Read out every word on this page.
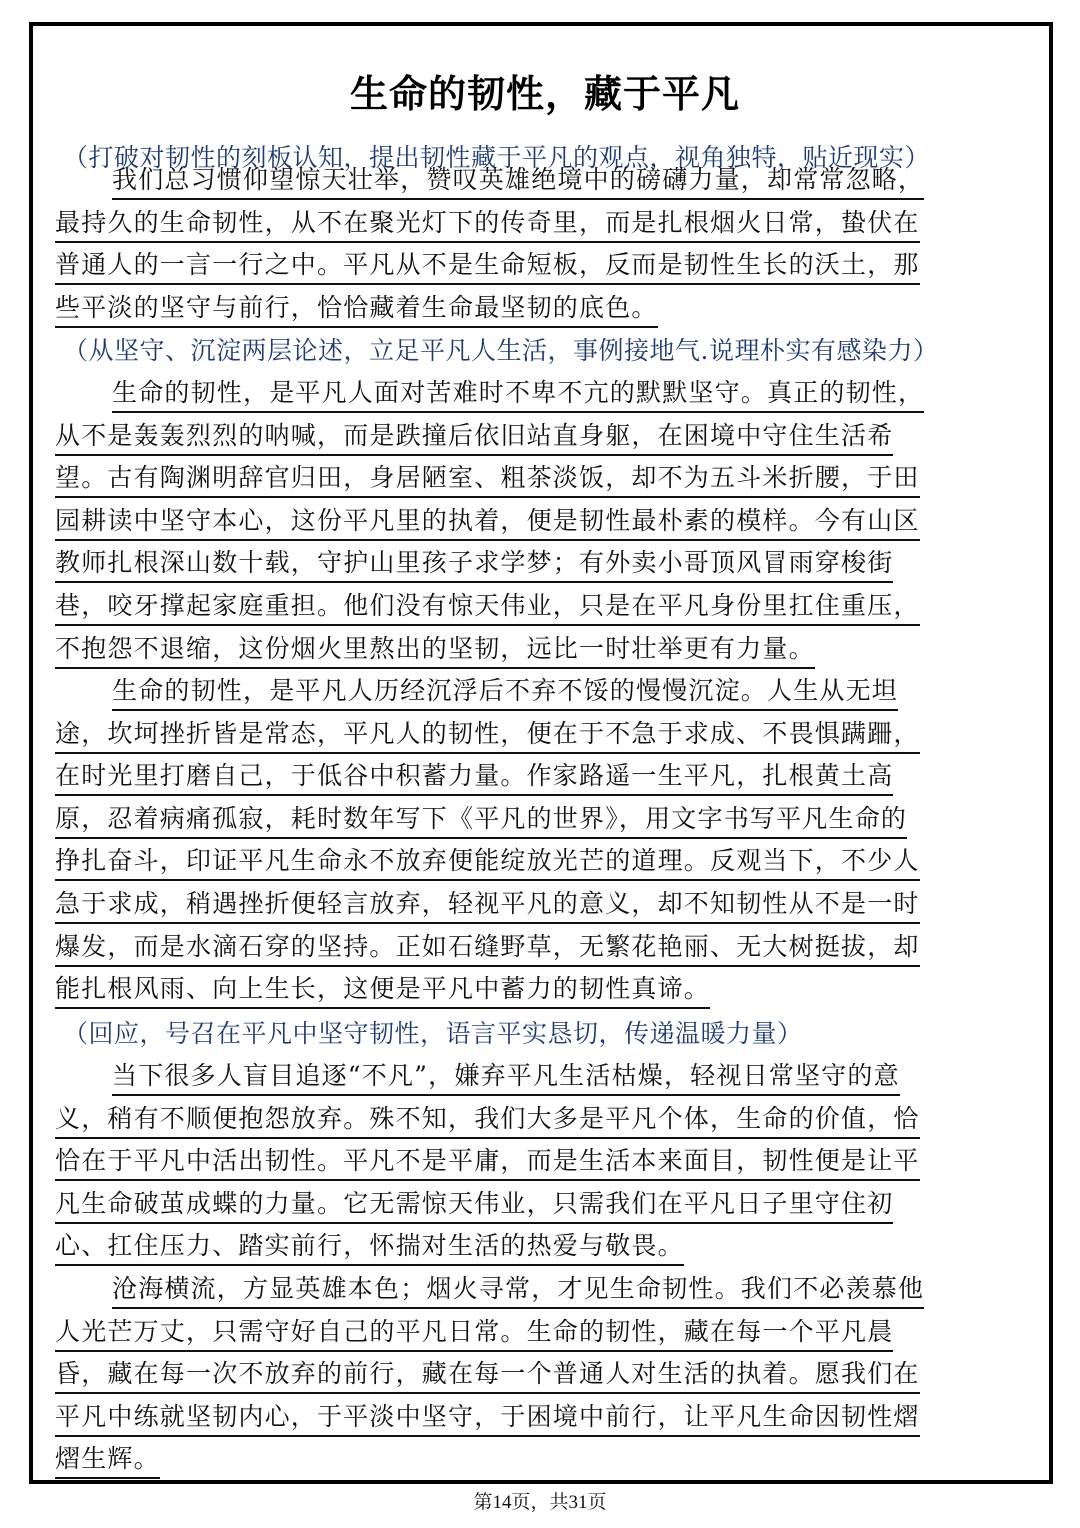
生命的韧性，藏于平凡
（打破对韧性的刻板认知，提出韧性藏于平凡的观点，视角独特，贴近现实）
我们总习惯仰望惊天壮举，赞叹英雄绝境中的磅礴力量，却常常忽略，
最持久的生命韧性，从不在聚光灯下的传奇里，而是扎根烟火日常，蛰伏在
普通人的一言一行之中。平凡从不是生命短板，反而是韧性生长的沃土，那
些平淡的坚守与前行，恰恰藏着生命最坚韧的底色。
（从坚守、沉淀两层论述，立足平凡人生活，事例接地气.说理朴实有感染力）
生命的韧性，是平凡人面对苦难时不卑不亢的默默坚守。真正的韧性，
从不是轰轰烈烈的呐喊，而是跌撞后依旧站直身躯，在困境中守住生活希
望。古有陶渊明辞官归田，身居陋室、粗茶淡饭，却不为五斗米折腰，于田
园耕读中坚守本心，这份平凡里的执着，便是韧性最朴素的模样。今有山区
教师扎根深山数十载，守护山里孩子求学梦；有外卖小哥顶风冒雨穿梭街
巷，咬牙撑起家庭重担。他们没有惊天伟业，只是在平凡身份里扛住重压，
不抱怨不退缩，这份烟火里熬出的坚韧，远比一时壮举更有力量。
生命的韧性，是平凡人历经沉浮后不弃不馁的慢慢沉淀。人生从无坦
途，坎坷挫折皆是常态，平凡人的韧性，便在于不急于求成、不畏惧蹒跚，
在时光里打磨自己，于低谷中积蓄力量。作家路遥一生平凡，扎根黄土高
原，忍着病痛孤寂，耗时数年写下《平凡的世界》，用文字书写平凡生命的
挣扎奋斗，印证平凡生命永不放弃便能绽放光芒的道理。反观当下，不少人
急于求成，稍遇挫折便轻言放弃，轻视平凡的意义，却不知韧性从不是一时
爆发，而是水滴石穿的坚持。正如石缝野草，无繁花艳丽、无大树挺拔，却
能扎根风雨、向上生长，这便是平凡中蓄力的韧性真谛。
（回应，号召在平凡中坚守韧性，语言平实恳切，传递温暖力量）
当下很多人盲目追逐“不凡”，嫌弃平凡生活枯燥，轻视日常坚守的意
义，稍有不顺便抱怨放弃。殊不知，我们大多是平凡个体，生命的价值，恰
恰在于平凡中活出韧性。平凡不是平庸，而是生活本来面目，韧性便是让平
凡生命破茧成蝶的力量。它无需惊天伟业，只需我们在平凡日子里守住初
心、扛住压力、踏实前行，怀揣对生活的热爱与敬畏。
沧海横流，方显英雄本色；烟火寻常，才见生命韧性。我们不必羡慕他
人光芒万丈，只需守好自己的平凡日常。生命的韧性，藏在每一个平凡晨
昏，藏在每一次不放弃的前行，藏在每一个普通人对生活的执着。愿我们在
平凡中练就坚韧内心，于平淡中坚守，于困境中前行，让平凡生命因韧性熠
熠生辉。
第14页，共31页
